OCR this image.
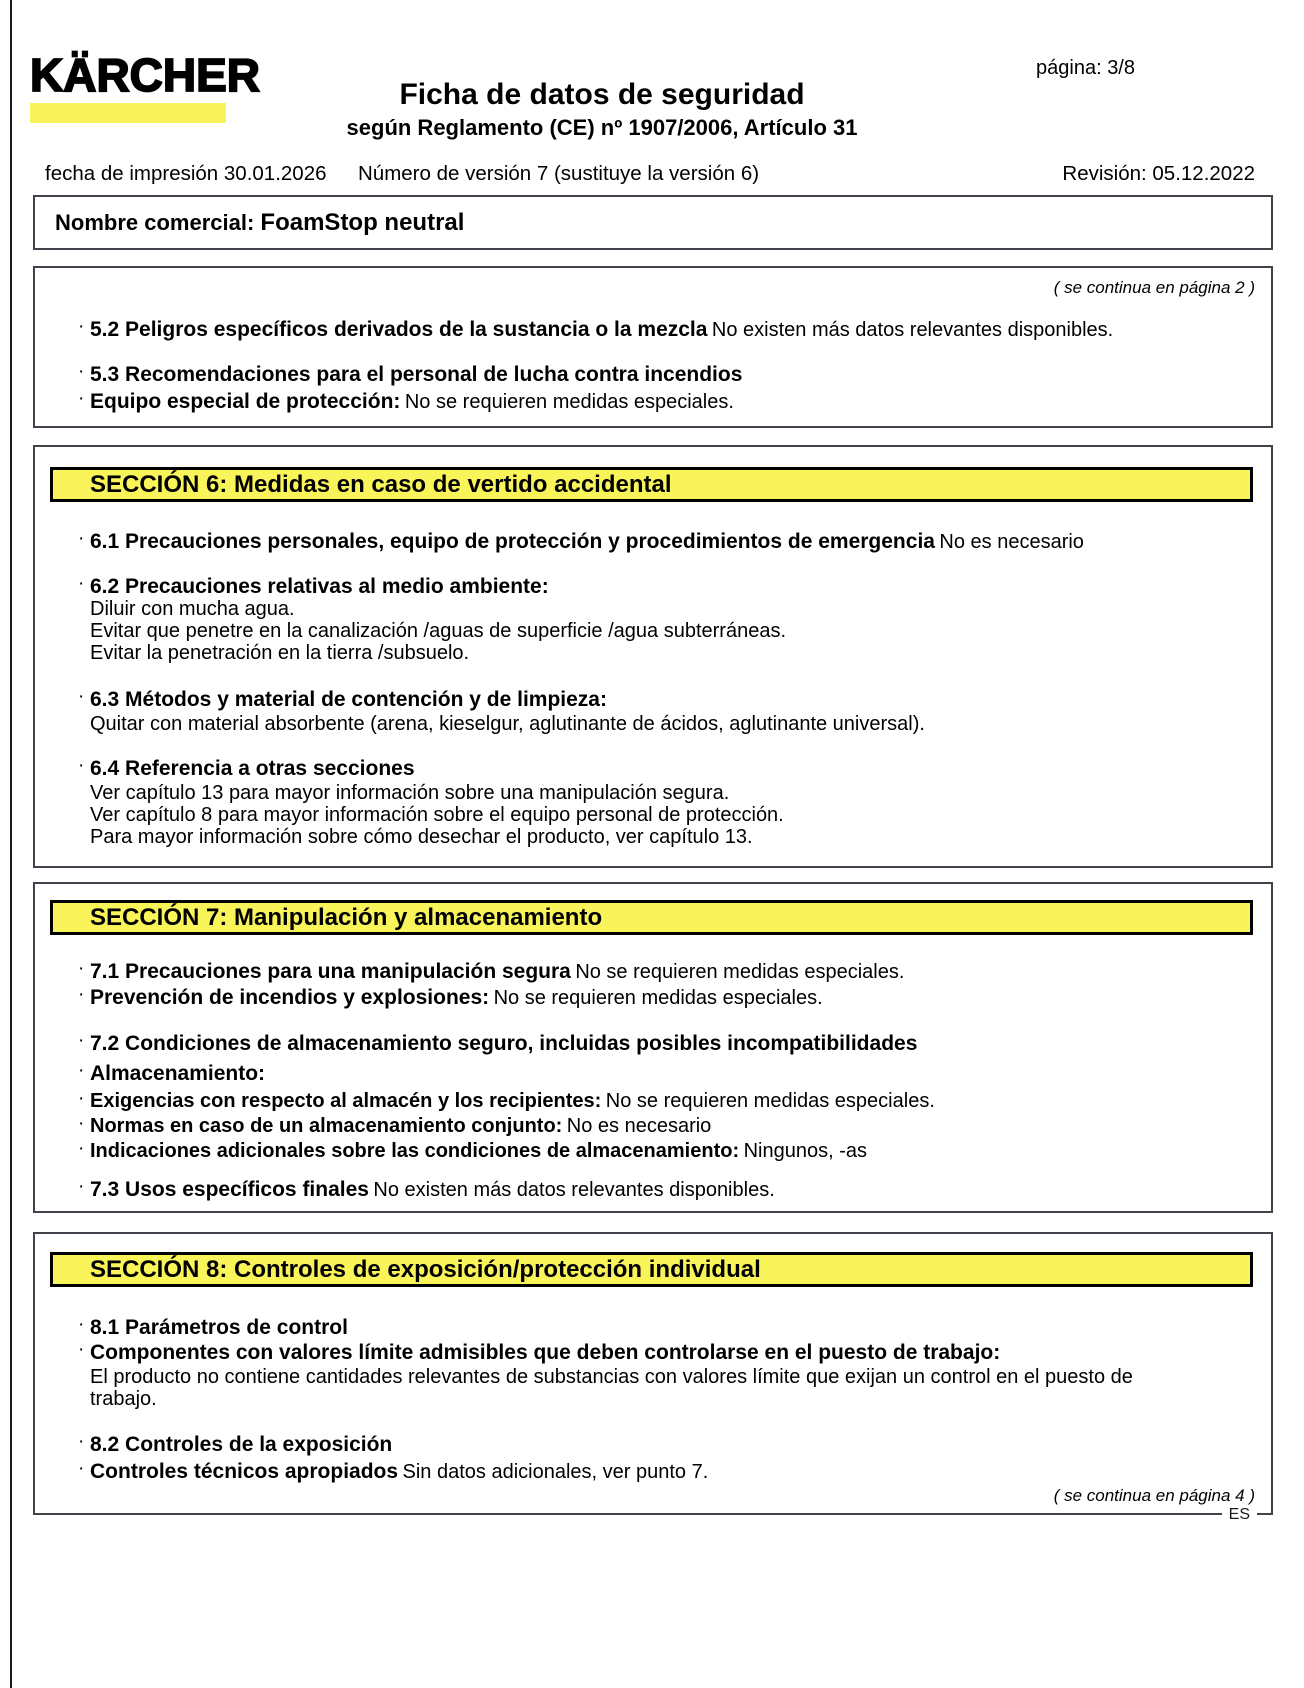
KÄRCHER	Ficha de datos de seguridad
según Reglamento (CE) nº 1907/2006, Artículo 31
página: 3/8
fecha de impresión 30.01.2026 Número de versión 7 (sustituye la versión 6)	Revisión: 05.12.2022
Nombre comercial: FoamStop neutral
( se continua en página 2 )
· 5.2 Peligros específicos derivados de la sustancia o la mezcla No existen más datos relevantes disponibles.
· 5.3 Recomendaciones para el personal de lucha contra incendios
· Equipo especial de protección: No se requieren medidas especiales.
SECCIÓN 6: Medidas en caso de vertido accidental
· 6.1 Precauciones personales, equipo de protección y procedimientos de emergencia No es necesario
· 6.2 Precauciones relativas al medio ambiente:
Diluir con mucha agua.
Evitar que penetre en la canalización /aguas de superficie /agua subterráneas.
Evitar la penetración en la tierra /subsuelo.
· 6.3 Métodos y material de contención y de limpieza:
Quitar con material absorbente (arena, kieselgur, aglutinante de ácidos, aglutinante universal).
· 6.4 Referencia a otras secciones
Ver capítulo 13 para mayor información sobre una manipulación segura.
Ver capítulo 8 para mayor información sobre el equipo personal de protección.
Para mayor información sobre cómo desechar el producto, ver capítulo 13.
SECCIÓN 7: Manipulación y almacenamiento
· 7.1 Precauciones para una manipulación segura No se requieren medidas especiales.
· Prevención de incendios y explosiones: No se requieren medidas especiales.
· 7.2 Condiciones de almacenamiento seguro, incluidas posibles incompatibilidades
· Almacenamiento:
· Exigencias con respecto al almacén y los recipientes: No se requieren medidas especiales.
· Normas en caso de un almacenamiento conjunto: No es necesario
· Indicaciones adicionales sobre las condiciones de almacenamiento: Ningunos, -as
· 7.3 Usos específicos finales No existen más datos relevantes disponibles.
SECCIÓN 8: Controles de exposición/protección individual
· 8.1 Parámetros de control
· Componentes con valores límite admisibles que deben controlarse en el puesto de trabajo:
El producto no contiene cantidades relevantes de substancias con valores límite que exijan un control en el puesto de
trabajo.
· 8.2 Controles de la exposición
· Controles técnicos apropiados Sin datos adicionales, ver punto 7.
( se continua en página 4 )
ES
